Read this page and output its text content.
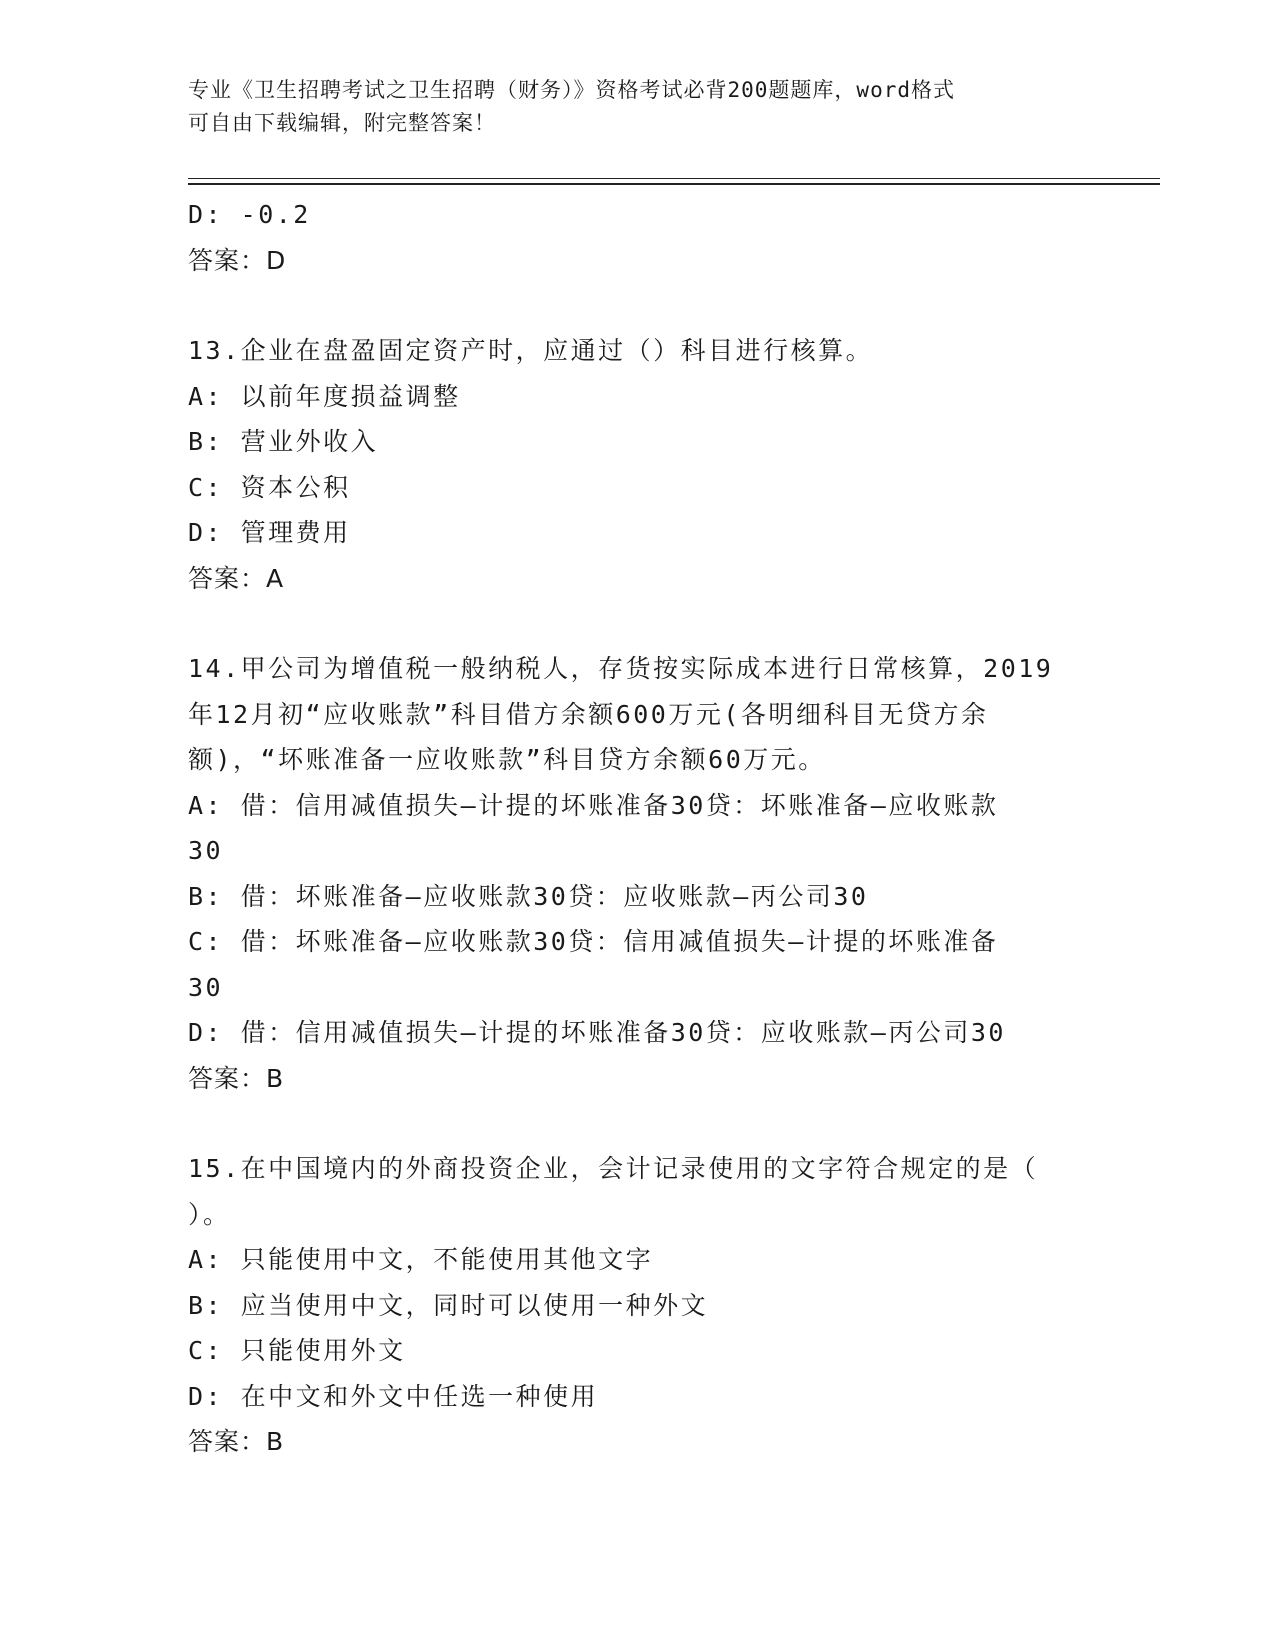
专业《卫生招聘考试之卫生招聘（财务）》资格考试必背200题题库，word格式
可自由下载编辑，附完整答案！
D: -0.2
答案：D
13.企业在盘盈固定资产时，应通过（）科目进行核算。
A: 以前年度损益调整
B: 营业外收入
C: 资本公积
D: 管理费用
答案：A
14.甲公司为增值税一般纳税人，存货按实际成本进行日常核算，2019
年12月初“应收账款”科目借方余额600万元(各明细科目无贷方余
额)，“坏账准备一应收账款”科目贷方余额60万元。
A: 借：信用减值损失—计提的坏账准备30贷：坏账准备—应收账款
30
B: 借：坏账准备—应收账款30贷：应收账款—丙公司30
C: 借：坏账准备—应收账款30贷：信用减值损失—计提的坏账准备
30
D: 借：信用减值损失—计提的坏账准备30贷：应收账款—丙公司30
答案：B
15.在中国境内的外商投资企业，会计记录使用的文字符合规定的是（
）。
A: 只能使用中文，不能使用其他文字
B: 应当使用中文，同时可以使用一种外文
C: 只能使用外文
D: 在中文和外文中任选一种使用
答案：B
